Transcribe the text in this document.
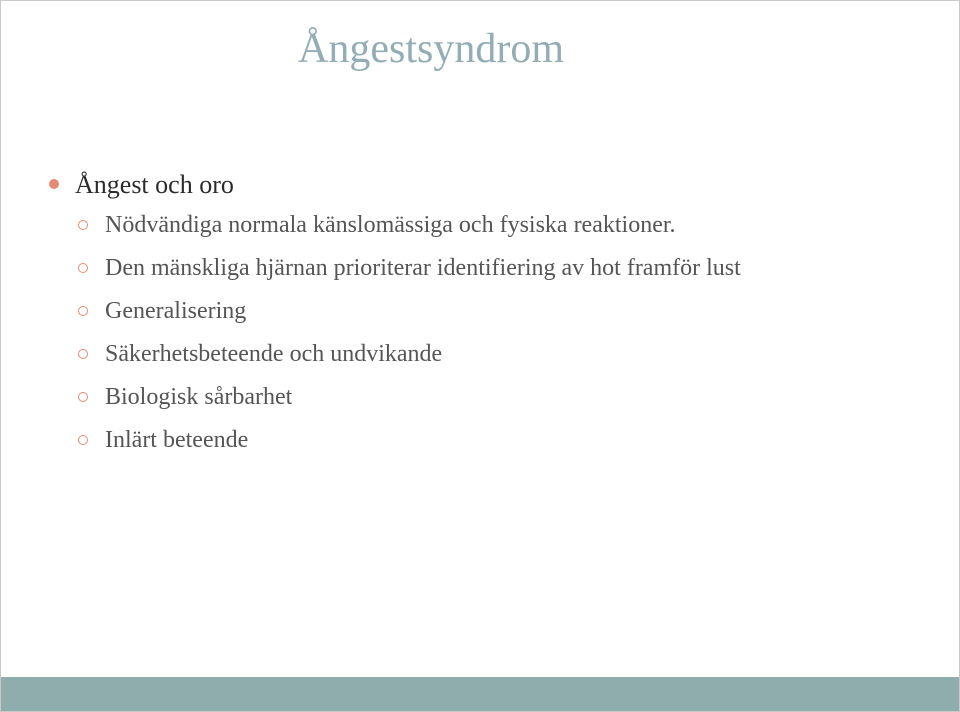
Ångestsyndrom
Ångest och oro
Nödvändiga normala känslomässiga och fysiska reaktioner.
Den mänskliga hjärnan prioriterar identifiering av hot framför lust
Generalisering
Säkerhetsbeteende och undvikande
Biologisk sårbarhet
Inlärt beteende
